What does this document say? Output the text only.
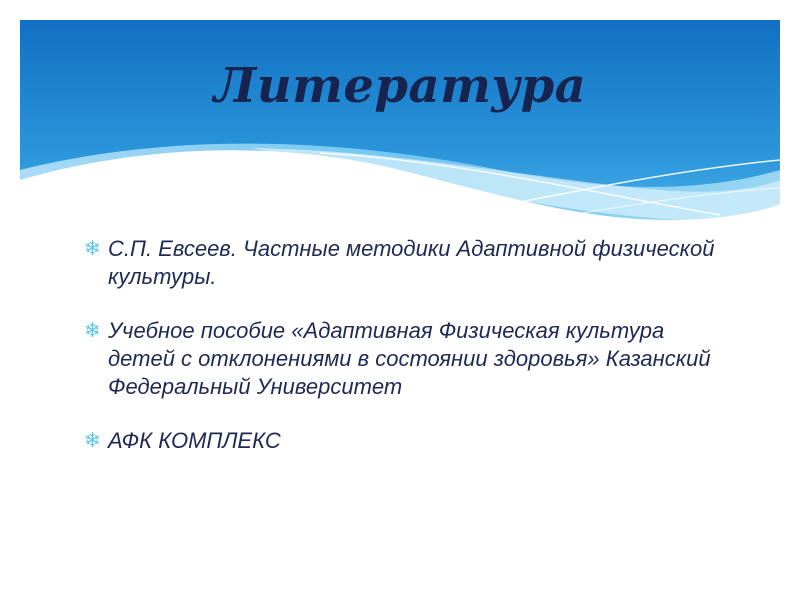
Литература
❄ С.П. Евсеев. Частные методики Адаптивной физической культуры.
❄ Учебное пособие «Адаптивная Физическая культура детей с отклонениями в состоянии здоровья» Казанский Федеральный Университет
❄ АФК КОМПЛЕКС
